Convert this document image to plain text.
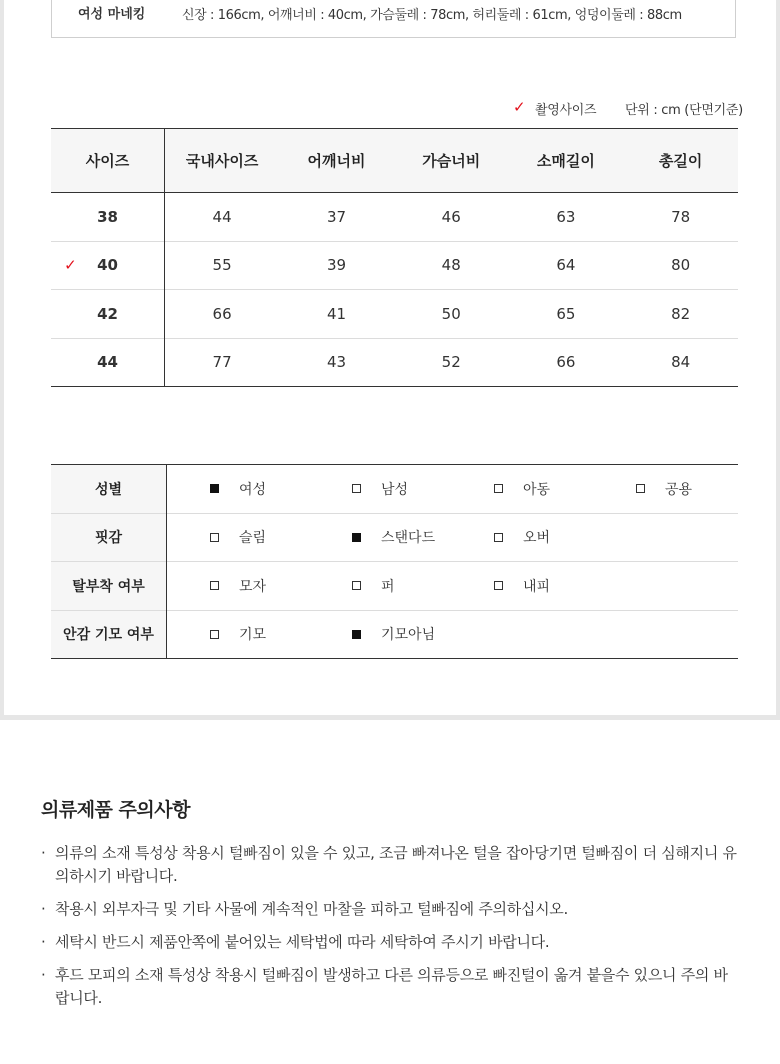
여성 마네킹	신장 : 166cm, 어깨너비 : 40cm, 가슴둘레 : 78cm, 허리둘레 : 61cm, 엉덩이둘레 : 88cm
✓ 촬영사이즈 단위 : cm (단면기준)
사이즈	국내사이즈	어깨너비	가슴너비	소매길이	총길이
38	44	37	46	63	78

✓ 40	55	39	48	64	80
42	66	41	50	65	82
44	77	43	52	66	84
성별	여성 남성 아동 공용
핏감	슬림 스탠다드 오버
탈부착 여부	모자 퍼 내피
안감 기모 여부	기모 기모아님
의류제품 주의사항
· 의류의 소재 특성상 착용시 털빠짐이 있을 수 있고, 조금 빠져나온 털을 잡아당기면 털빠짐이 더 심해지니 유의하시기 바랍니다.
· 착용시 외부자극 및 기타 사물에 계속적인 마찰을 피하고 털빠짐에 주의하십시오.
· 세탁시 반드시 제품안쪽에 붙어있는 세탁법에 따라 세탁하여 주시기 바랍니다.
· 후드 모피의 소재 특성상 착용시 털빠짐이 발생하고 다른 의류등으로 빠진털이 옮겨 붙을수 있으니 주의 바랍니다.
